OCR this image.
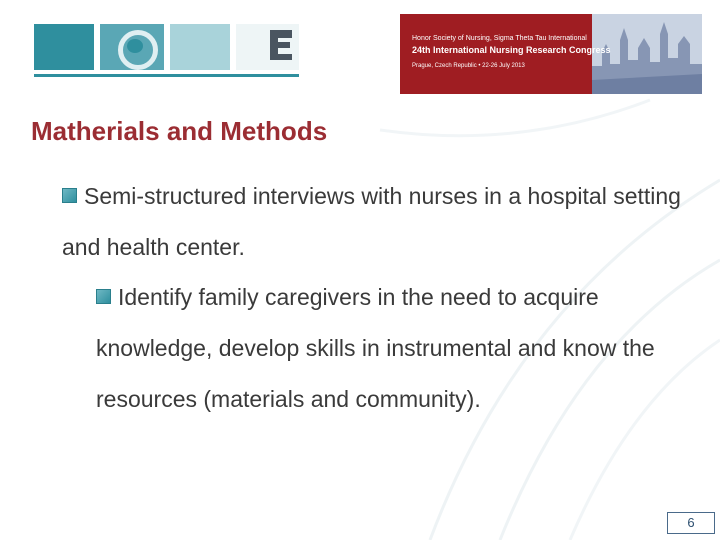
Honor Society of Nursing, Sigma Theta Tau International
24th International Nursing Research Congress
Prague, Czech Republic • 22-26 July 2013
Matherials and Methods

Semi-structured interviews with nurses in a hospital setting and health center.

Identify family caregivers in the need to acquire knowledge, develop skills in instrumental and know the resources (materials and community).

6
